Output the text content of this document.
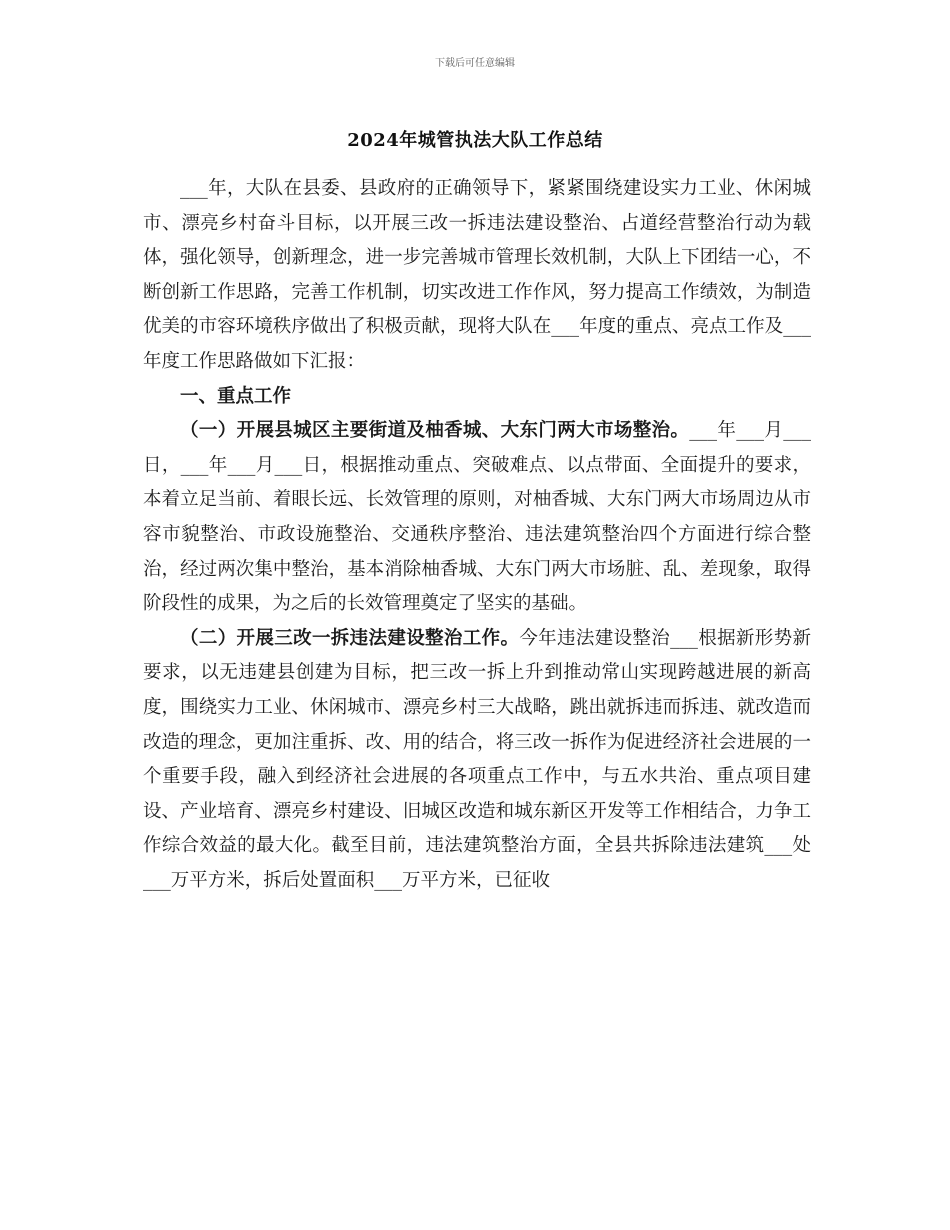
下载后可任意编辑
2024年城管执法大队工作总结

___年，大队在县委、县政府的正确领导下，紧紧围绕建设实力工业、休闲城市、漂亮乡村奋斗目标，以开展三改一拆违法建设整治、占道经营整治行动为载体，强化领导，创新理念，进一步完善城市管理长效机制，大队上下团结一心，不断创新工作思路，完善工作机制，切实改进工作作风，努力提高工作绩效，为制造优美的市容环境秩序做出了积极贡献，现将大队在___年度的重点、亮点工作及___年度工作思路做如下汇报：

一、重点工作

（一）开展县城区主要街道及柚香城、大东门两大市场整治。___年___月___日，___年___月___日，根据推动重点、突破难点、以点带面、全面提升的要求，本着立足当前、着眼长远、长效管理的原则，对柚香城、大东门两大市场周边从市容市貌整治、市政设施整治、交通秩序整治、违法建筑整治四个方面进行综合整治，经过两次集中整治，基本消除柚香城、大东门两大市场脏、乱、差现象，取得阶段性的成果，为之后的长效管理奠定了坚实的基础。

（二）开展三改一拆违法建设整治工作。今年违法建设整治___根据新形势新要求，以无违建县创建为目标，把三改一拆上升到推动常山实现跨越进展的新高度，围绕实力工业、休闲城市、漂亮乡村三大战略，跳出就拆违而拆违、就改造而改造的理念，更加注重拆、改、用的结合，将三改一拆作为促进经济社会进展的一个重要手段，融入到经济社会进展的各项重点工作中，与五水共治、重点项目建设、产业培育、漂亮乡村建设、旧城区改造和城东新区开发等工作相结合，力争工作综合效益的最大化。截至目前，违法建筑整治方面，全县共拆除违法建筑___处___万平方米，拆后处置面积___万平方米，已征收
